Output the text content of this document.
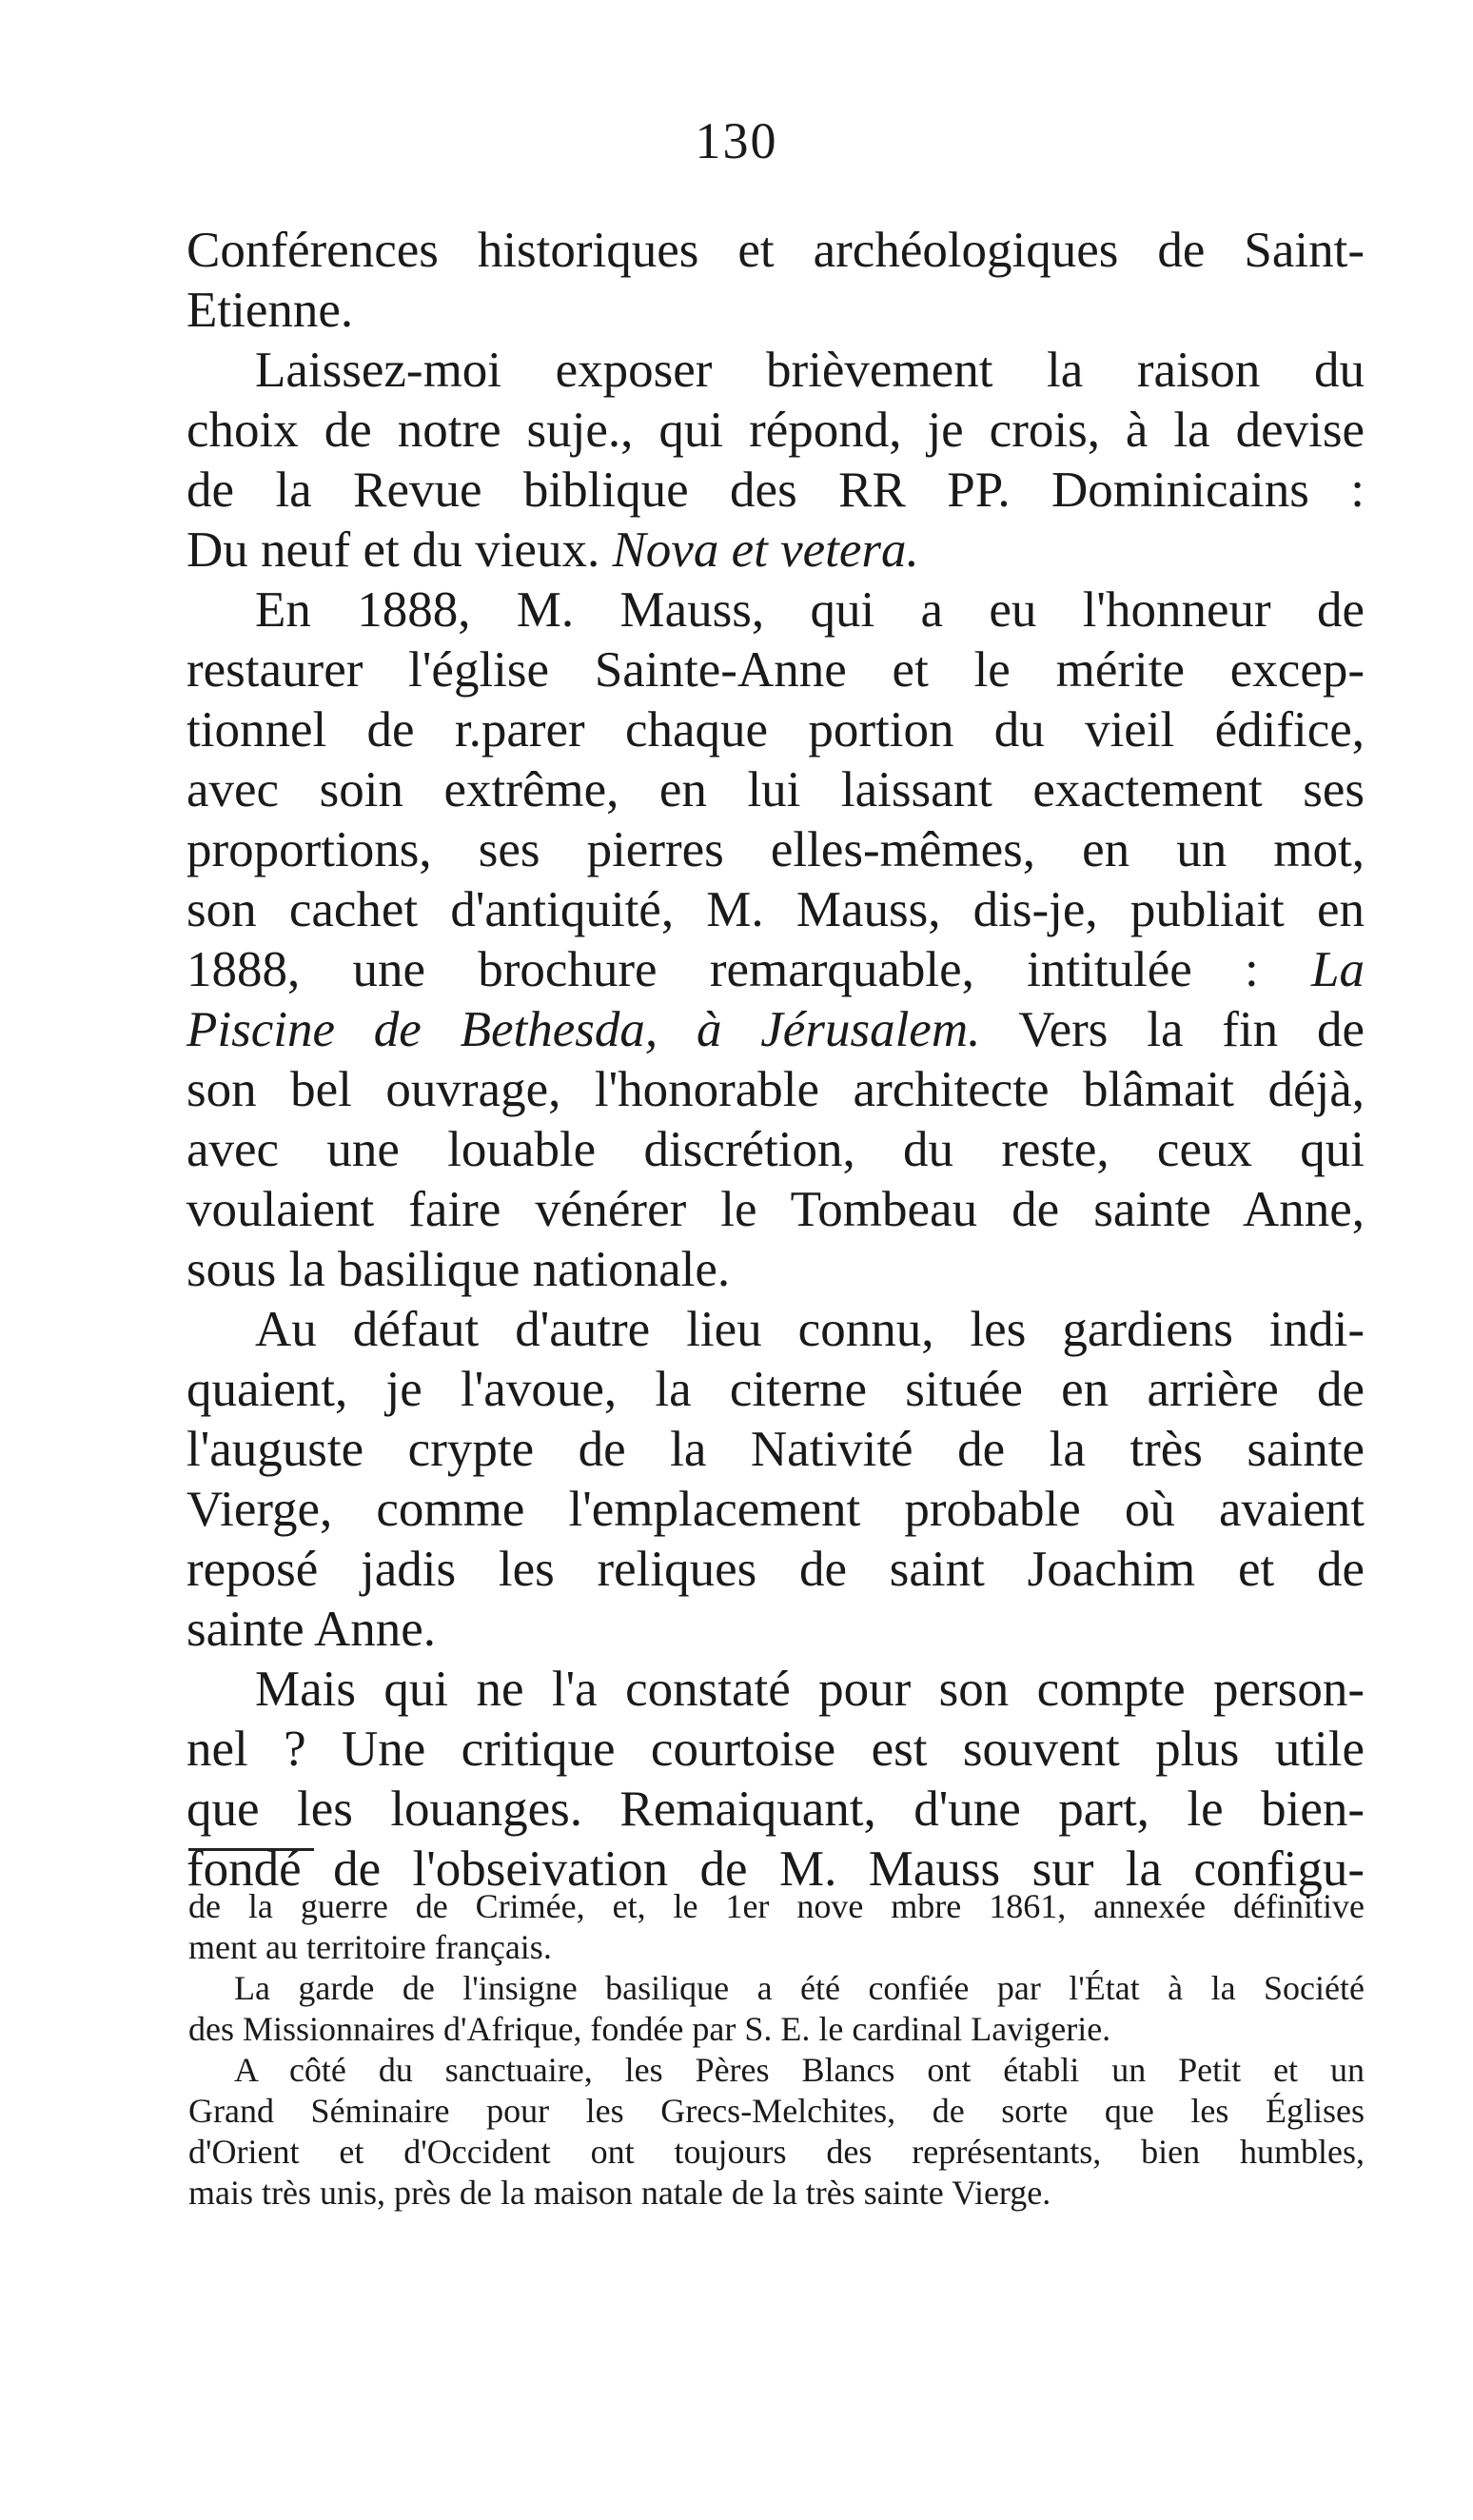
130

Conférences historiques et archéologiques de Saint-
Etienne.

Laissez-moi exposer brièvement la raison du
choix de notre suje., qui répond, je crois, à la devise
de la Revue biblique des RR PP. Dominicains :
Du neuf et du vieux. Nova et vetera.

En 1888, M. Mauss, qui a eu l'honneur de
restaurer l'église Sainte-Anne et le mérite excep-
tionnel de r.parer chaque portion du vieil édifice,
avec soin extrême, en lui laissant exactement ses
proportions, ses pierres elles-mêmes, en un mot,
son cachet d'antiquité, M. Mauss, dis-je, publiait en
1888, une brochure remarquable, intitulée : La
Piscine de Bethesda, à Jérusalem. Vers la fin de
son bel ouvrage, l'honorable architecte blâmait déjà,
avec une louable discrétion, du reste, ceux qui
voulaient faire vénérer le Tombeau de sainte Anne,
sous la basilique nationale.

Au défaut d'autre lieu connu, les gardiens indi-
quaient, je l'avoue, la citerne située en arrière de
l'auguste crypte de la Nativité de la très sainte
Vierge, comme l'emplacement probable où avaient
reposé jadis les reliques de saint Joachim et de
sainte Anne.

Mais qui ne l'a constaté pour son compte person-
nel ? Une critique courtoise est souvent plus utile
que les louanges. Remaiquant, d'une part, le bien-
fondé de l'obseivation de M. Mauss sur la configu-

de la guerre de Crimée, et, le 1er nove mbre 1861, annexée définitive
ment au territoire français.

La garde de l'insigne basilique a été confiée par l'État à la Société
des Missionnaires d'Afrique, fondée par S. E. le cardinal Lavigerie.

A côté du sanctuaire, les Pères Blancs ont établi un Petit et un
Grand Séminaire pour les Grecs-Melchites, de sorte que les Églises
d'Orient et d'Occident ont toujours des représentants, bien humbles,
mais très unis, près de la maison natale de la très sainte Vierge.
